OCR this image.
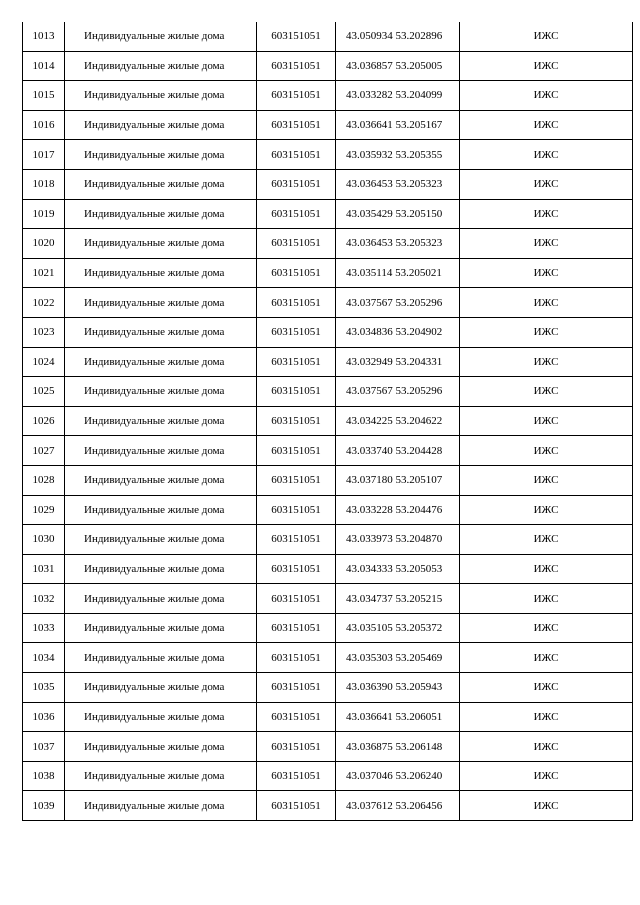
1013	Индивидуальные жилые дома	603151051	43.050934 53.202896	ИЖС
1014	Индивидуальные жилые дома	603151051	43.036857 53.205005	ИЖС
1015	Индивидуальные жилые дома	603151051	43.033282 53.204099	ИЖС
1016	Индивидуальные жилые дома	603151051	43.036641 53.205167	ИЖС
1017	Индивидуальные жилые дома	603151051	43.035932 53.205355	ИЖС
1018	Индивидуальные жилые дома	603151051	43.036453 53.205323	ИЖС
1019	Индивидуальные жилые дома	603151051	43.035429 53.205150	ИЖС
1020	Индивидуальные жилые дома	603151051	43.036453 53.205323	ИЖС
1021	Индивидуальные жилые дома	603151051	43.035114 53.205021	ИЖС
1022	Индивидуальные жилые дома	603151051	43.037567 53.205296	ИЖС
1023	Индивидуальные жилые дома	603151051	43.034836 53.204902	ИЖС
1024	Индивидуальные жилые дома	603151051	43.032949 53.204331	ИЖС
1025	Индивидуальные жилые дома	603151051	43.037567 53.205296	ИЖС
1026	Индивидуальные жилые дома	603151051	43.034225 53.204622	ИЖС
1027	Индивидуальные жилые дома	603151051	43.033740 53.204428	ИЖС
1028	Индивидуальные жилые дома	603151051	43.037180 53.205107	ИЖС
1029	Индивидуальные жилые дома	603151051	43.033228 53.204476	ИЖС
1030	Индивидуальные жилые дома	603151051	43.033973 53.204870	ИЖС
1031	Индивидуальные жилые дома	603151051	43.034333 53.205053	ИЖС
1032	Индивидуальные жилые дома	603151051	43.034737 53.205215	ИЖС
1033	Индивидуальные жилые дома	603151051	43.035105 53.205372	ИЖС
1034	Индивидуальные жилые дома	603151051	43.035303 53.205469	ИЖС
1035	Индивидуальные жилые дома	603151051	43.036390 53.205943	ИЖС
1036	Индивидуальные жилые дома	603151051	43.036641 53.206051	ИЖС
1037	Индивидуальные жилые дома	603151051	43.036875 53.206148	ИЖС
1038	Индивидуальные жилые дома	603151051	43.037046 53.206240	ИЖС
1039	Индивидуальные жилые дома	603151051	43.037612 53.206456	ИЖС
